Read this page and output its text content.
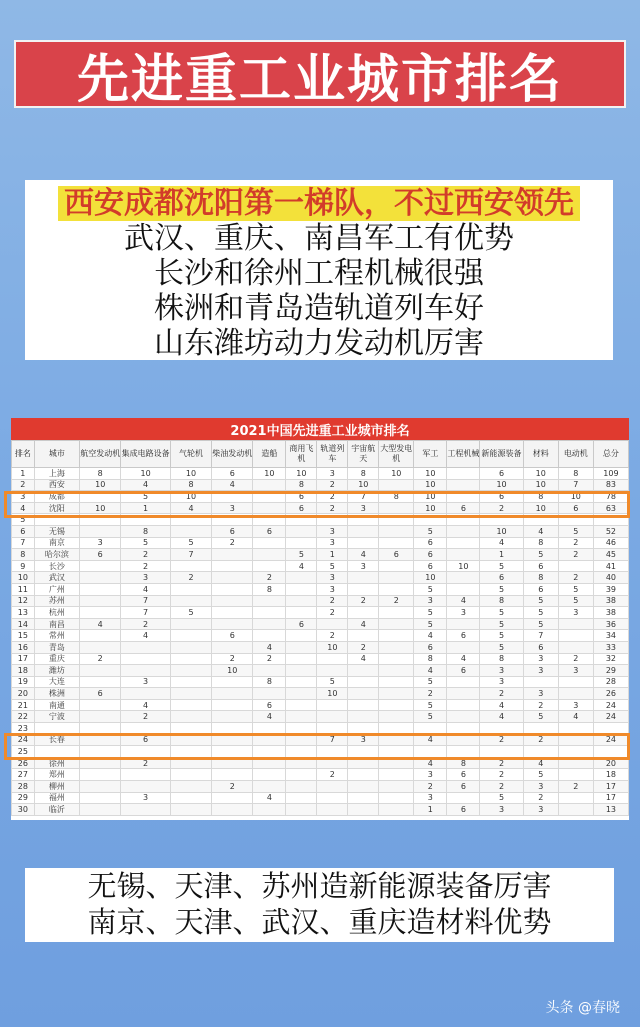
先进重工业城市排名
西安成都沈阳第一梯队，不过西安领先
武汉、重庆、南昌军工有优势
长沙和徐州工程机械很强
株洲和青岛造轨道列车好
山东潍坊动力发动机厉害
2021中国先进重工业城市排名
排名	城市	航空发动机	集成电路设备	气轮机	柴油发动机	造船	商用飞机	轨道列车	宇宙航天	大型发电机	军工	工程机械	新能源装备	材料	电动机	总分
1	上海	8	10	10	6	10	10	3	8	10	10		6	10	8	109
2	西安	10	4	8	4		8	2	10		10		10	10	7	83
3	成都		5	10			6	2	7	8	10		6	8	10	78
4	沈阳	10	1	4	3		6	2	3		10	6	2	10	6	63
5																
6	无锡		8		6	6		3			5		10	4	5	52
7	南京	3	5	5	2			3			6		4	8	2	46
8	哈尔滨	6	2	7			5	1	4	6	6		1	5	2	45
9	长沙		2				4	5	3		6	10	5	6		41
10	武汉		3	2		2		3			10		6	8	2	40
11	广州		4			8		3			5		5	6	5	39
12	苏州		7					2	2	2	3	4	8	5	5	38
13	杭州		7	5				2			5	3	5	5	3	38
14	南昌	4	2				6		4		5		5	5		36
15	常州		4		6			2			4	6	5	7		34
16	青岛					4		10	2		6		5	6		33
17	重庆	2			2	2			4		8	4	8	3	2	32
18	潍坊				10						4	6	3	3	3	29
19	大连		3			8		5			5		3			28
20	株洲	6						10			2		2	3		26
21	南通		4			6					5		4	2	3	24
22	宁波		2			4					5		4	5	4	24
23																
24	长春		6					7	3		4		2	2		24
25																
26	徐州		2								4	8	2	4		20
27	郑州							2			3	6	2	5		18
28	柳州				2						2	6	2	3	2	17
29	福州		3			4					3		5	2		17
30	临沂										1	6	3	3		13
无锡、天津、苏州造新能源装备厉害
南京、天津、武汉、重庆造材料优势
头条 @春晓
